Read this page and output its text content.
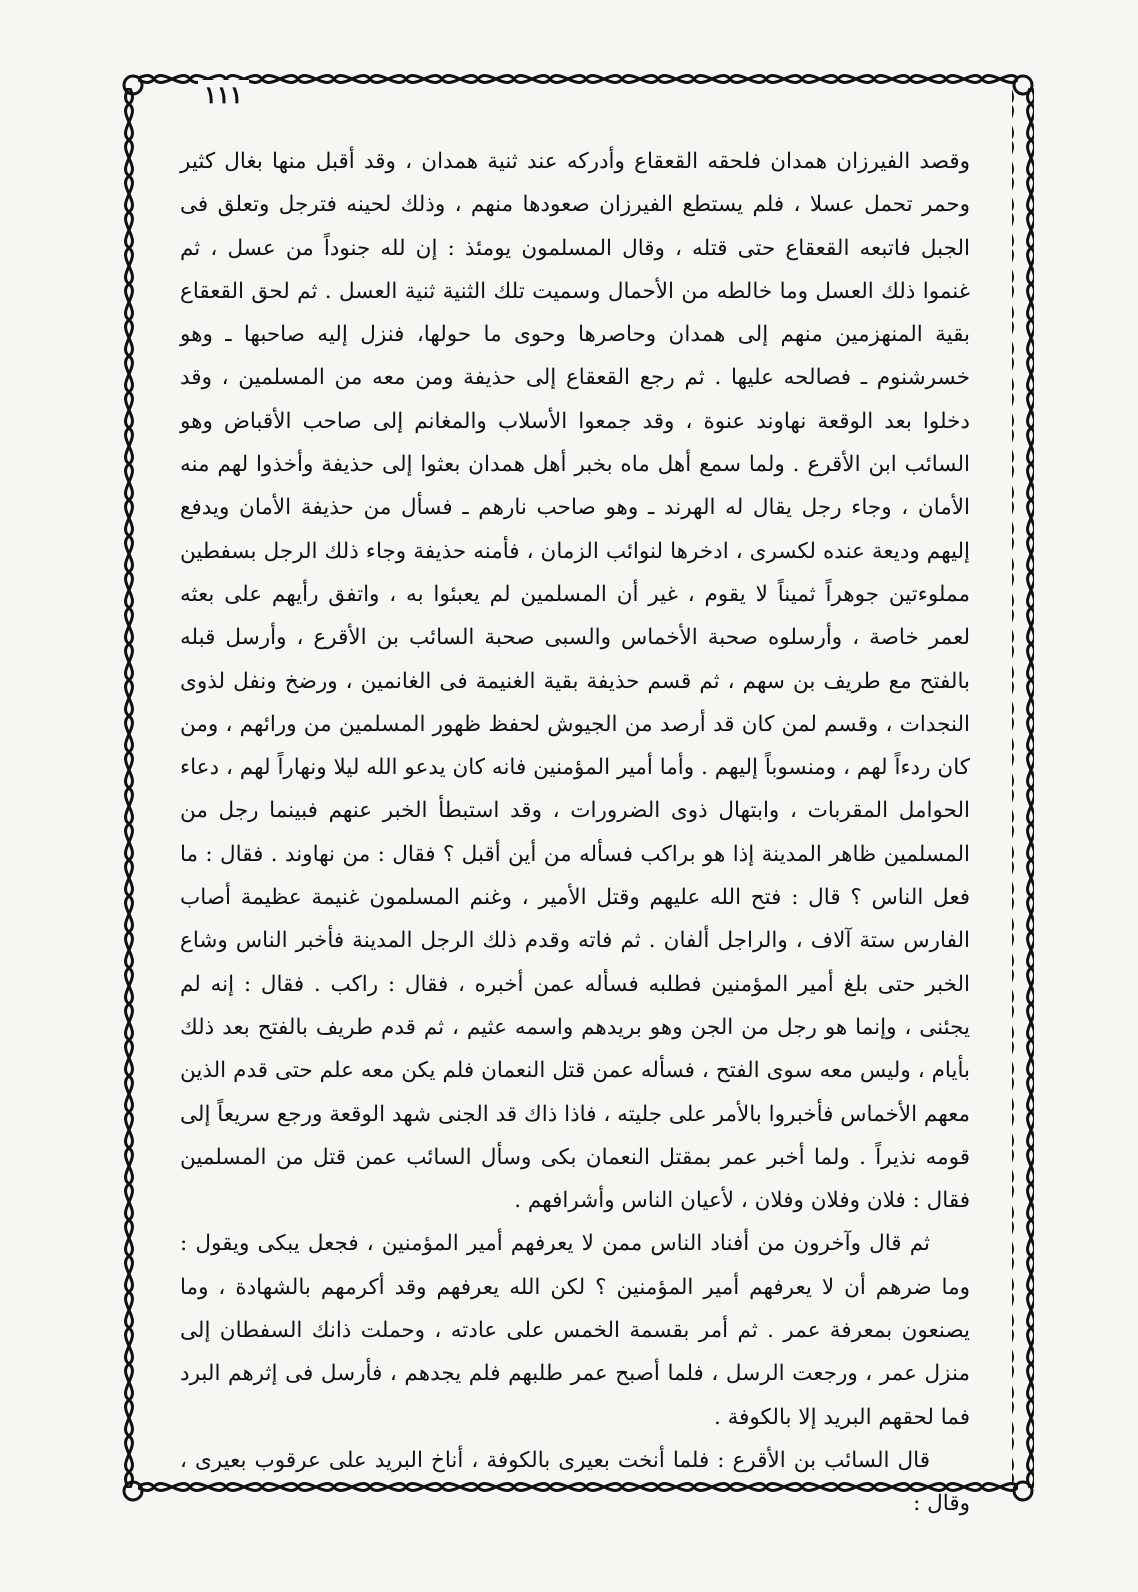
١١١

وقصد الفيرزان همدان فلحقه القعقاع وأدركه عند ثنية همدان ، وقد أقبل منها بغال كثير وحمر تحمل عسلا ، فلم يستطع الفيرزان صعودها منهم ، وذلك لحينه فترجل وتعلق فى الجبل فاتبعه القعقاع حتى قتله ، وقال المسلمون يومئذ : إن لله جنوداً من عسل ، ثم غنموا ذلك العسل وما خالطه من الأحمال وسميت تلك الثنية ثنية العسل . ثم لحق القعقاع بقية المنهزمين منهم إلى همدان وحاصرها وحوى ما حولها، فنزل إليه صاحبها ـ وهو خسرشنوم ـ فصالحه عليها . ثم رجع القعقاع إلى حذيفة ومن معه من المسلمين ، وقد دخلوا بعد الوقعة نهاوند عنوة ، وقد جمعوا الأسلاب والمغانم إلى صاحب الأقباض وهو السائب ابن الأقرع . ولما سمع أهل ماه بخبر أهل همدان بعثوا إلى حذيفة وأخذوا لهم منه الأمان ، وجاء رجل يقال له الهرند ـ وهو صاحب نارهم ـ فسأل من حذيفة الأمان ويدفع إليهم وديعة عنده لكسرى ، ادخرها لنوائب الزمان ، فأمنه حذيفة وجاء ذلك الرجل بسفطين مملوءتين جوهراً ثميناً لا يقوم ، غير أن المسلمين لم يعبئوا به ، واتفق رأيهم على بعثه لعمر خاصة ، وأرسلوه صحبة الأخماس والسبى صحبة السائب بن الأقرع ، وأرسل قبله بالفتح مع طريف بن سهم ، ثم قسم حذيفة بقية الغنيمة فى الغانمين ، ورضخ ونفل لذوى النجدات ، وقسم لمن كان قد أرصد من الجيوش لحفظ ظهور المسلمين من ورائهم ، ومن كان ردءاً لهم ، ومنسوباً إليهم . وأما أمير المؤمنين فانه كان يدعو الله ليلا ونهاراً لهم ، دعاء الحوامل المقربات ، وابتهال ذوى الضرورات ، وقد استبطأ الخبر عنهم فبينما رجل من المسلمين ظاهر المدينة إذا هو براكب فسأله من أين أقبل ؟ فقال : من نهاوند . فقال : ما فعل الناس ؟ قال : فتح الله عليهم وقتل الأمير ، وغنم المسلمون غنيمة عظيمة أصاب الفارس ستة آلاف ، والراجل ألفان . ثم فاته وقدم ذلك الرجل المدينة فأخبر الناس وشاع الخبر حتى بلغ أمير المؤمنين فطلبه فسأله عمن أخبره ، فقال : راكب . فقال : إنه لم يجئنى ، وإنما هو رجل من الجن وهو بريدهم واسمه عثيم ، ثم قدم طريف بالفتح بعد ذلك بأيام ، وليس معه سوى الفتح ، فسأله عمن قتل النعمان فلم يكن معه علم حتى قدم الذين معهم الأخماس فأخبروا بالأمر على جليته ، فاذا ذاك قد الجنى شهد الوقعة ورجع سريعاً إلى قومه نذيراً . ولما أخبر عمر بمقتل النعمان بكى وسأل السائب عمن قتل من المسلمين فقال : فلان وفلان وفلان ، لأعيان الناس وأشرافهم .

ثم قال وآخرون من أفناد الناس ممن لا يعرفهم أمير المؤمنين ، فجعل يبكى ويقول : وما ضرهم أن لا يعرفهم أمير المؤمنين ؟ لكن الله يعرفهم وقد أكرمهم بالشهادة ، وما يصنعون بمعرفة عمر . ثم أمر بقسمة الخمس على عادته ، وحملت ذانك السفطان إلى منزل عمر ، ورجعت الرسل ، فلما أصبح عمر طلبهم فلم يجدهم ، فأرسل فى إثرهم البرد فما لحقهم البريد إلا بالكوفة .

قال السائب بن الأقرع : فلما أنخت بعيرى بالكوفة ، أناخ البريد على عرقوب بعيرى ، وقال :
